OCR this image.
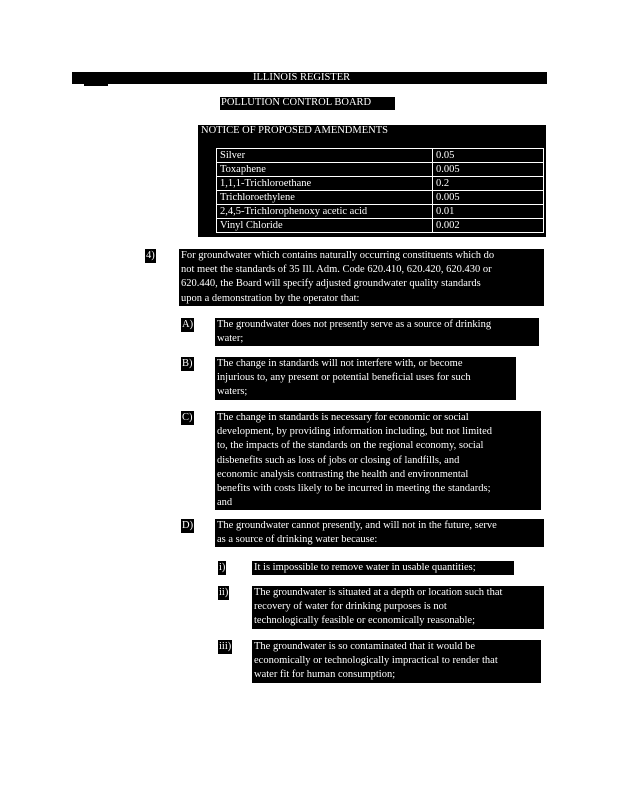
ILLINOIS REGISTER
POLLUTION CONTROL BOARD
NOTICE OF PROPOSED AMENDMENTS
Silver	0.05
Toxaphene	0.005
1,1,1-Trichloroethane	0.2
Trichloroethylene	0.005
2,4,5-Trichlorophenoxy acetic acid	0.01
Vinyl Chloride	0.002
4)	For groundwater which contains naturally occurring constituents which do
not meet the standards of 35 Ill. Adm. Code 620.410, 620.420, 620.430 or
620.440, the Board will specify adjusted groundwater quality standards
upon a demonstration by the operator that:
A) The groundwater does not presently serve as a source of drinking
water;
B) The change in standards will not interfere with, or become
injurious to, any present or potential beneficial uses for such
waters;
C) The change in standards is necessary for economic or social
development, by providing information including, but not limited
to, the impacts of the standards on the regional economy, social
disbenefits such as loss of jobs or closing of landfills, and
economic analysis contrasting the health and environmental
benefits with costs likely to be incurred in meeting the standards;
and
D) The groundwater cannot presently, and will not in the future, serve
as a source of drinking water because:
i)	It is impossible to remove water in usable quantities;
ii) The groundwater is situated at a depth or location such that
recovery of water for drinking purposes is not
technologically feasible or economically reasonable;
iii) The groundwater is so contaminated that it would be
economically or technologically impractical to render that
water fit for human consumption;
